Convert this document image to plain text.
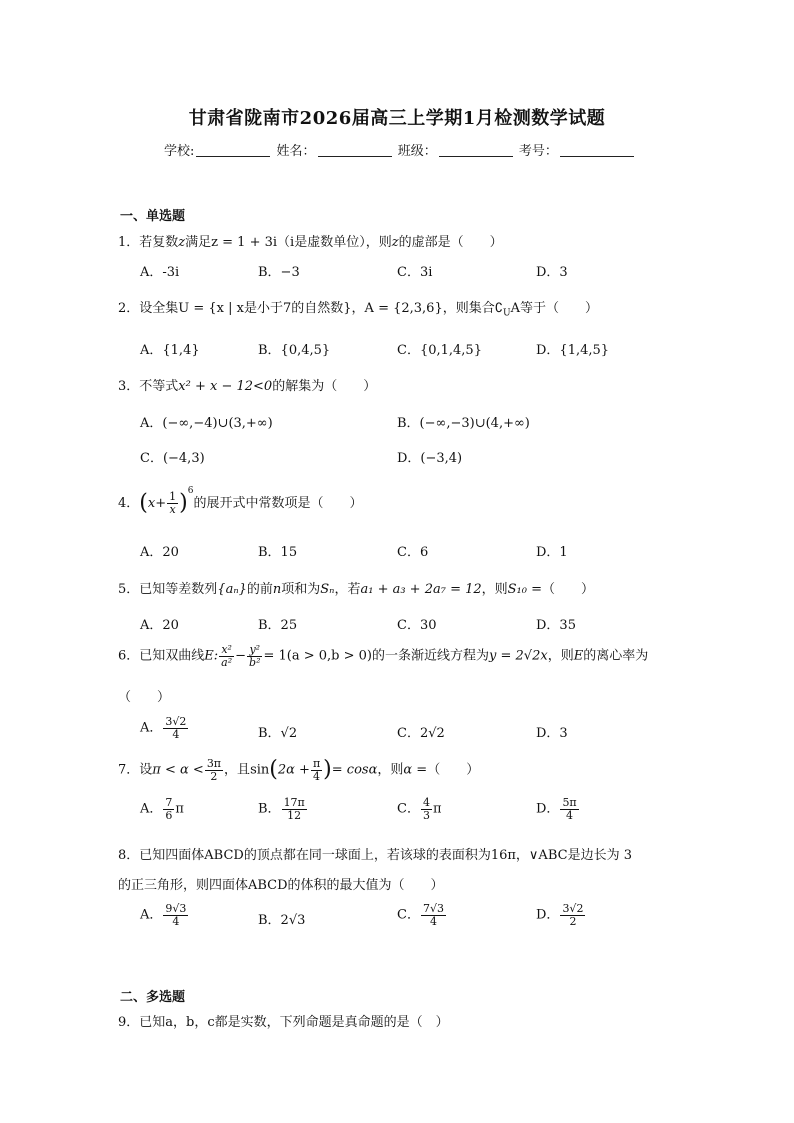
甘肃省陇南市2026届高三上学期1月检测数学试题
学校:	姓名：	班级：	考号：
一、单选题
1．若复数z满足z = 1 + 3i（i是虚数单位），则z的虚部是（　　）
A．-3i	B．−3	C．3i	D．3
2．设全集U = {x | x是小于7的自然数}，A = {2,3,6}，则集合$∁_UA$等于（　　）
A．{1,4}	B．{0,4,5}	C．{0,1,4,5}	D．{1,4,5}
3．不等式x² + x − 12<0的解集为（　　）
A．(−∞,−4)∪(3,+∞)	B．(−∞,−3)∪(4,+∞)
C．(−4,3)	D．(−3,4)
4．$(x+ \frac{1}{x} )^6$的展开式中常数项是（　　）
A．20	B．15	C．6	D．1
5．已知等差数列{aₙ}的前n项和为Sₙ，若a₁ + a₃ + 2a₇ = 12，则S₁₀ =（　　）
A．20	B．25	C．30	D．35
6．已知双曲线E: $\frac{\text{x²}}{\text{a²}} - \frac{\text{y²}}{\text{b²}} = 1(a > 0,b > 0)$的一条渐近线方程为y = 2√2x，则E的离心率为
（　　）
A． $\frac{3√2}{4}$	B．√2	C．2√2	D．3
7．设$\pi < \alpha < \frac{3\pi}{2}$ ，且$\sin(2\alpha + \frac{\pi}{4}$ )= cosα，则α =（　　）
A． $\frac{7}{6}$ π	B． $\frac{17\pi}{12}$	C． $\frac{4}{3}$ π	D． $\frac{5\pi}{4}$
8．已知四面体ABCD的顶点都在同一球面上，若该球的表面积为16π，∨ABC是边长为 3
的正三角形，则四面体ABCD的体积的最大值为（　　）
A． $\frac{9√3}{4}$	B．2√3	C． $\frac{7√3}{4}$	D． $\frac{3√2}{2}$
二、多选题
9．已知a，b，c都是实数，下列命题是真命题的是（　）
